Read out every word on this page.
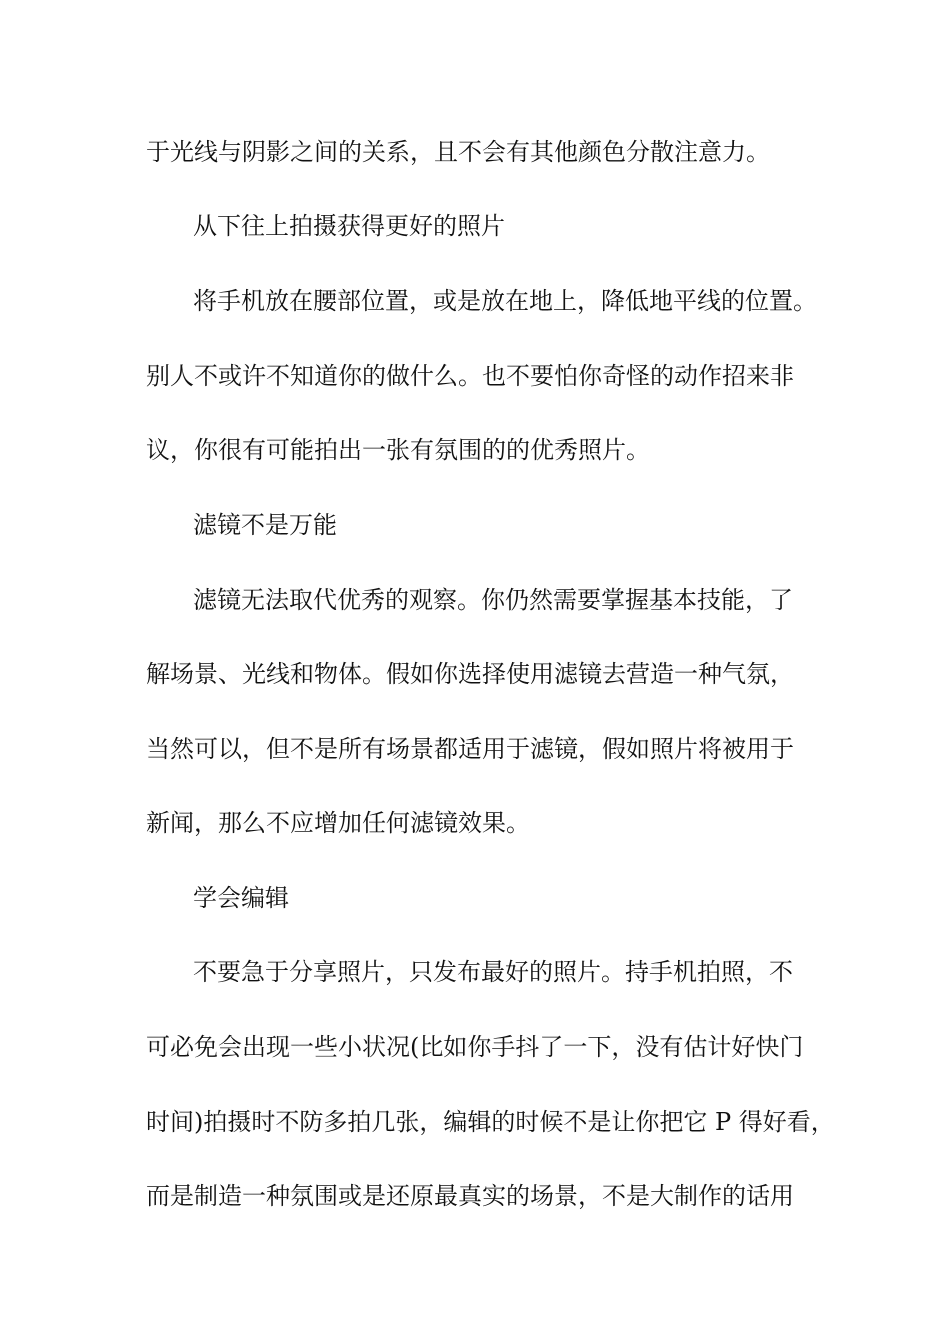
于光线与阴影之间的关系，且不会有其他颜色分散注意力。
从下往上拍摄获得更好的照片
将手机放在腰部位置，或是放在地上，降低地平线的位置。
别人不或许不知道你的做什么。也不要怕你奇怪的动作招来非
议，你很有可能拍出一张有氛围的的优秀照片。
滤镜不是万能
滤镜无法取代优秀的观察。你仍然需要掌握基本技能，了
解场景、光线和物体。假如你选择使用滤镜去营造一种气氛，
当然可以，但不是所有场景都适用于滤镜，假如照片将被用于
新闻，那么不应增加任何滤镜效果。
学会编辑
不要急于分享照片，只发布最好的照片。持手机拍照，不
可必免会出现一些小状况(比如你手抖了一下，没有估计好快门
时间)拍摄时不防多拍几张，编辑的时候不是让你把它 P 得好看，
而是制造一种氛围或是还原最真实的场景，不是大制作的话用
